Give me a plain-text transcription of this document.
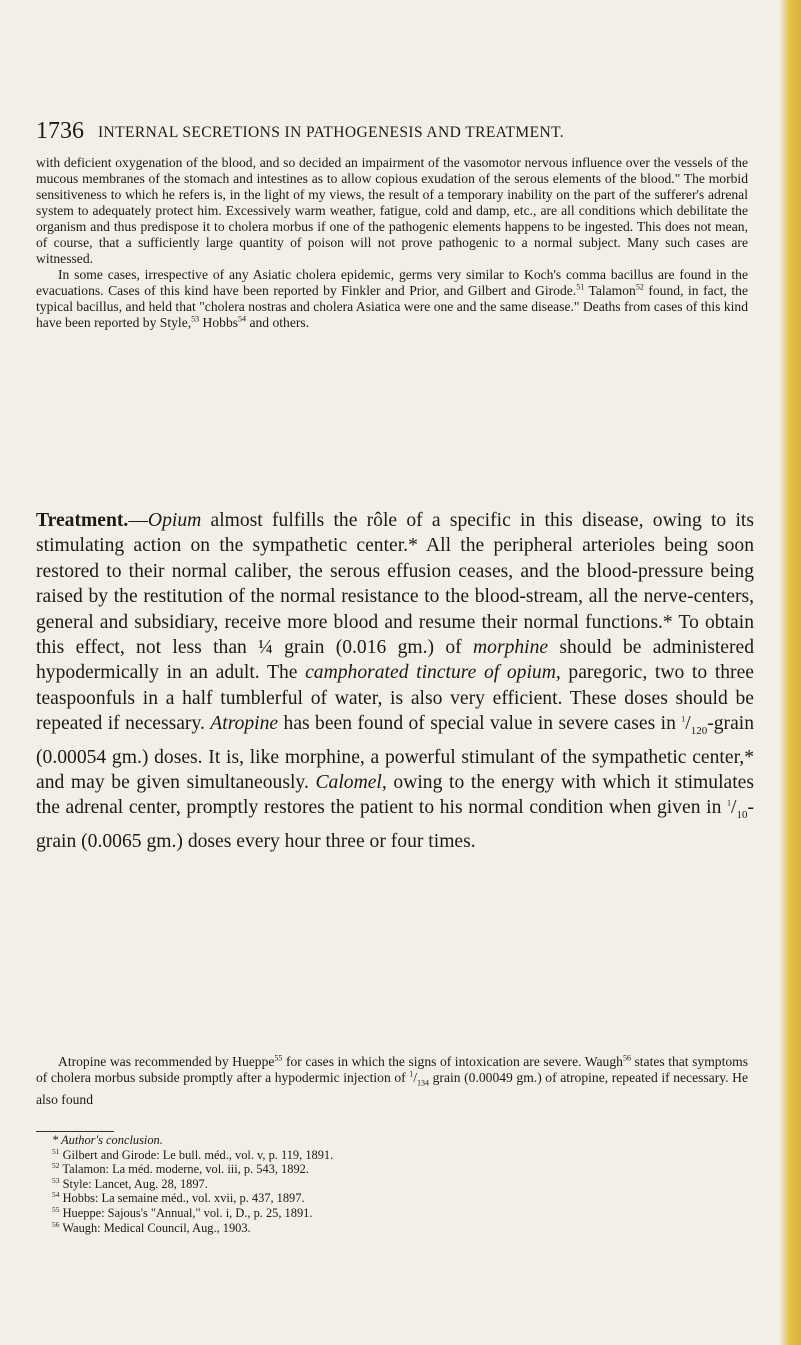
1736 INTERNAL SECRETIONS IN PATHOGENESIS AND TREATMENT.

with deficient oxygenation of the blood, and so decided an impairment of the vasomotor nervous influence over the vessels of the mucous membranes of the stomach and intestines as to allow copious exudation of the serous elements of the blood." The morbid sensitiveness to which he refers is, in the light of my views, the result of a temporary inability on the part of the sufferer's adrenal system to adequately protect him. Excessively warm weather, fatigue, cold and damp, etc., are all conditions which debilitate the organism and thus predispose it to cholera morbus if one of the pathogenic elements happens to be ingested. This does not mean, of course, that a sufficiently large quantity of poison will not prove pathogenic to a normal subject. Many such cases are witnessed.

In some cases, irrespective of any Asiatic cholera epidemic, germs very similar to Koch's comma bacillus are found in the evacuations. Cases of this kind have been reported by Finkler and Prior, and Gilbert and Girode.$^{51}$ Talamon$^{52}$ found, in fact, the typical bacillus, and held that "cholera nostras and cholera Asiatica were one and the same disease." Deaths from cases of this kind have been reported by Style,$^{53}$ Hobbs$^{54}$ and others.

Treatment.—Opium almost fulfills the rôle of a specific in this disease, owing to its stimulating action on the sympathetic center.* All the peripheral arterioles being soon restored to their normal caliber, the serous effusion ceases, and the blood-pressure being raised by the restitution of the normal resistance to the blood-stream, all the nerve-centers, general and subsidiary, receive more blood and resume their normal functions.* To obtain this effect, not less than ¼ grain (0.016 gm.) of morphine should be administered hypodermically in an adult. The camphorated tincture of opium, paregoric, two to three teaspoonfuls in a half tumblerful of water, is also very efficient. These doses should be repeated if necessary. Atropine has been found of special value in severe cases in $^1/_{120}$-grain (0.00054 gm.) doses. It is, like morphine, a powerful stimulant of the sympathetic center,* and may be given simultaneously. Calomel, owing to the energy with which it stimulates the adrenal center, promptly restores the patient to his normal condition when given in $^1/_{10}$-grain (0.0065 gm.) doses every hour three or four times.

Atropine was recommended by Hueppe$^{55}$ for cases in which the signs of intoxication are severe. Waugh$^{56}$ states that symptoms of cholera morbus subside promptly after a hypodermic injection of $^1/_{134}$ grain (0.00049 gm.) of atropine, repeated if necessary. He also found

* Author's conclusion.

$^{51}$ Gilbert and Girode: Le bull. méd., vol. v, p. 119, 1891.

$^{52}$ Talamon: La méd. moderne, vol. iii, p. 543, 1892.

$^{53}$ Style: Lancet, Aug. 28, 1897.

$^{54}$ Hobbs: La semaine méd., vol. xvii, p. 437, 1897.

$^{55}$ Hueppe: Sajous's "Annual," vol. i, D., p. 25, 1891.

$^{56}$ Waugh: Medical Council, Aug., 1903.
